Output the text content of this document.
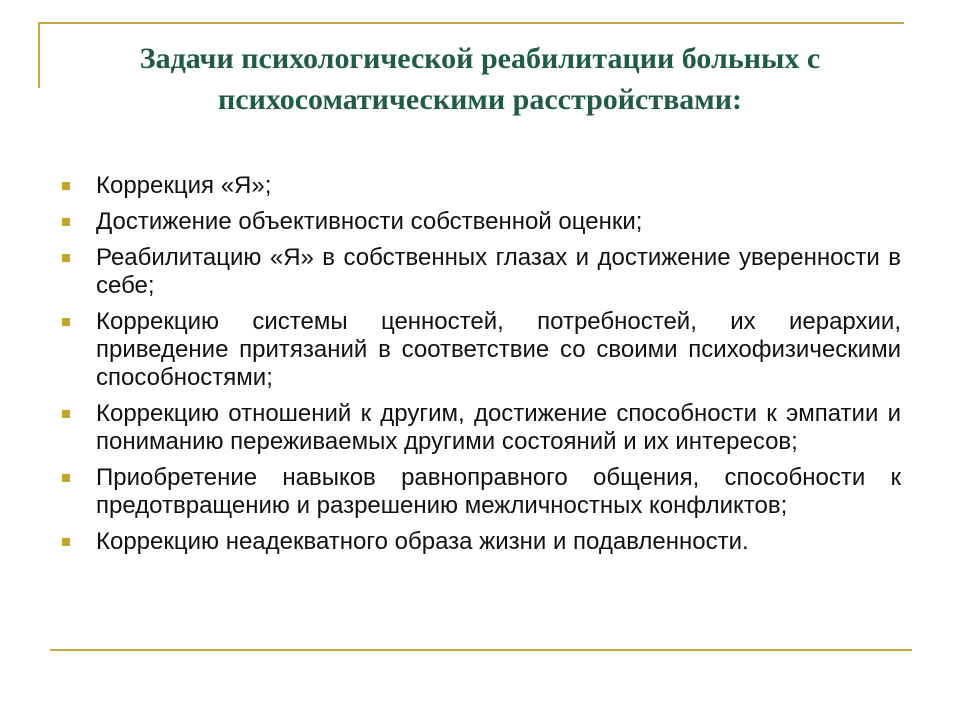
Задачи психологической реабилитации больных с психосоматическими расстройствами:
Коррекция «Я»;
Достижение объективности собственной оценки;
Реабилитацию «Я» в собственных глазах и достижение уверенности в себе;
Коррекцию системы ценностей, потребностей, их иерархии, приведение притязаний в соответствие со своими психофизическими способностями;
Коррекцию отношений к другим, достижение способности к эмпатии и пониманию переживаемых другими состояний и их интересов;
Приобретение навыков равноправного общения, способности к предотвращению и разрешению межличностных конфликтов;
Коррекцию неадекватного образа жизни и подавленности.
